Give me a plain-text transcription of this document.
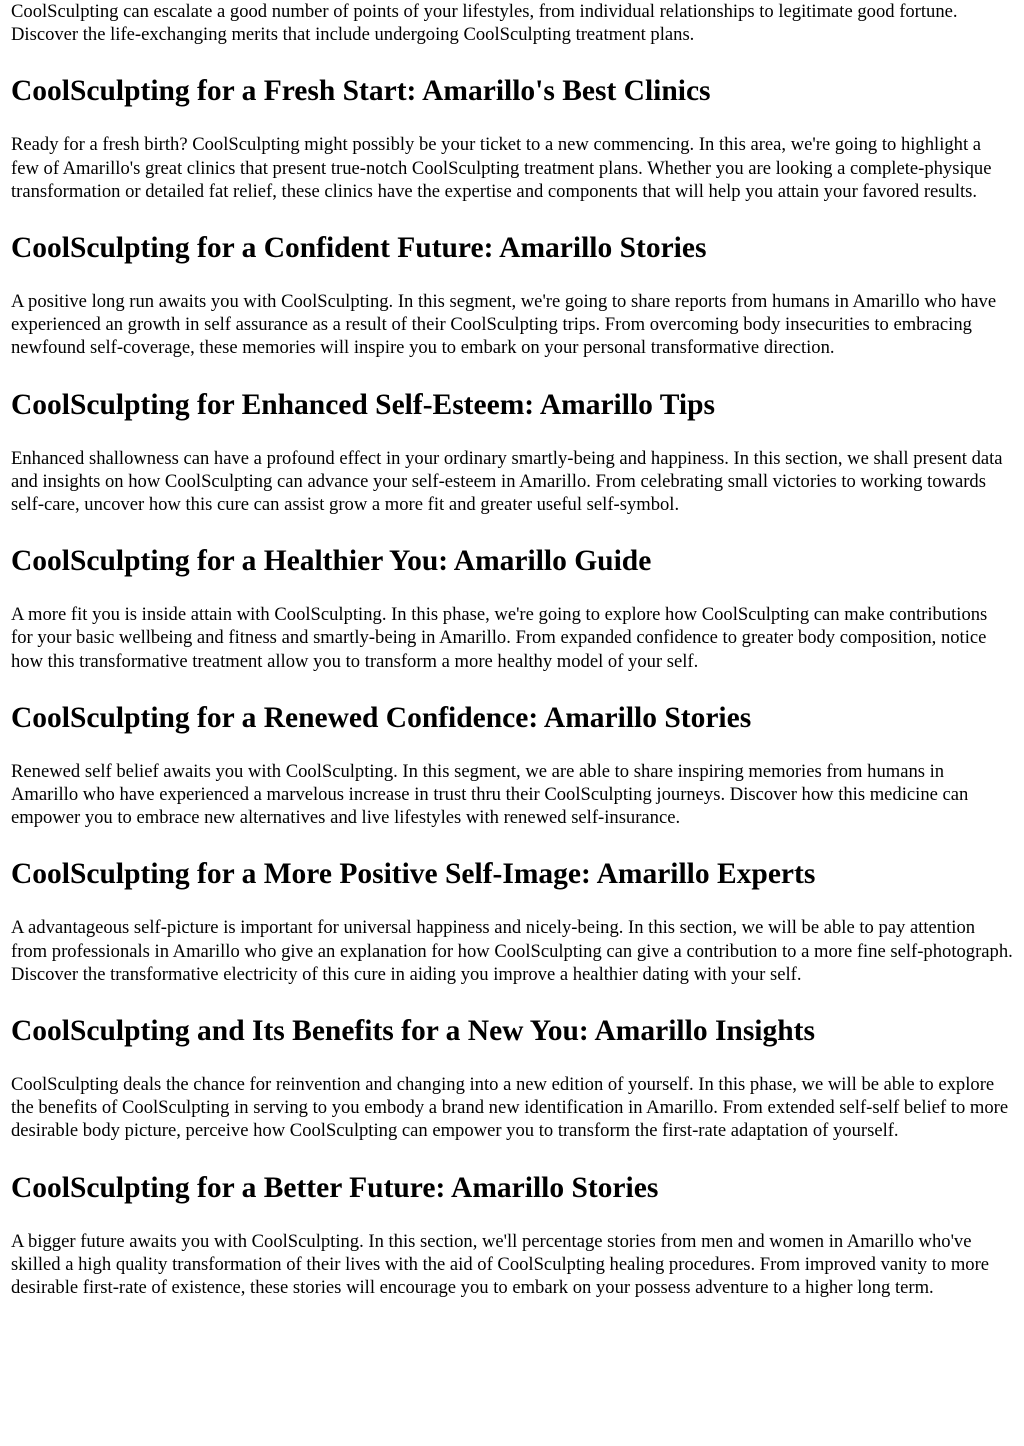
CoolSculpting can escalate a good number of points of your lifestyles, from individual relationships to legitimate good fortune. Discover the life-exchanging merits that include undergoing CoolSculpting treatment plans.

CoolSculpting for a Fresh Start: Amarillo's Best Clinics

Ready for a fresh birth? CoolSculpting might possibly be your ticket to a new commencing. In this area, we're going to highlight a few of Amarillo's great clinics that present true-notch CoolSculpting treatment plans. Whether you are looking a complete-physique transformation or detailed fat relief, these clinics have the expertise and components that will help you attain your favored results.

CoolSculpting for a Confident Future: Amarillo Stories

A positive long run awaits you with CoolSculpting. In this segment, we're going to share reports from humans in Amarillo who have experienced an growth in self assurance as a result of their CoolSculpting trips. From overcoming body insecurities to embracing newfound self-coverage, these memories will inspire you to embark on your personal transformative direction.

CoolSculpting for Enhanced Self-Esteem: Amarillo Tips

Enhanced shallowness can have a profound effect in your ordinary smartly-being and happiness. In this section, we shall present data and insights on how CoolSculpting can advance your self-esteem in Amarillo. From celebrating small victories to working towards self-care, uncover how this cure can assist grow a more fit and greater useful self-symbol.

CoolSculpting for a Healthier You: Amarillo Guide

A more fit you is inside attain with CoolSculpting. In this phase, we're going to explore how CoolSculpting can make contributions for your basic wellbeing and fitness and smartly-being in Amarillo. From expanded confidence to greater body composition, notice how this transformative treatment allow you to transform a more healthy model of your self.

CoolSculpting for a Renewed Confidence: Amarillo Stories

Renewed self belief awaits you with CoolSculpting. In this segment, we are able to share inspiring memories from humans in Amarillo who have experienced a marvelous increase in trust thru their CoolSculpting journeys. Discover how this medicine can empower you to embrace new alternatives and live lifestyles with renewed self-insurance.

CoolSculpting for a More Positive Self-Image: Amarillo Experts

A advantageous self-picture is important for universal happiness and nicely-being. In this section, we will be able to pay attention from professionals in Amarillo who give an explanation for how CoolSculpting can give a contribution to a more fine self-photograph. Discover the transformative electricity of this cure in aiding you improve a healthier dating with your self.

CoolSculpting and Its Benefits for a New You: Amarillo Insights

CoolSculpting deals the chance for reinvention and changing into a new edition of yourself. In this phase, we will be able to explore the benefits of CoolSculpting in serving to you embody a brand new identification in Amarillo. From extended self-self belief to more desirable body picture, perceive how CoolSculpting can empower you to transform the first-rate adaptation of yourself.

CoolSculpting for a Better Future: Amarillo Stories

A bigger future awaits you with CoolSculpting. In this section, we'll percentage stories from men and women in Amarillo who've skilled a high quality transformation of their lives with the aid of CoolSculpting healing procedures. From improved vanity to more desirable first-rate of existence, these stories will encourage you to embark on your possess adventure to a higher long term.
